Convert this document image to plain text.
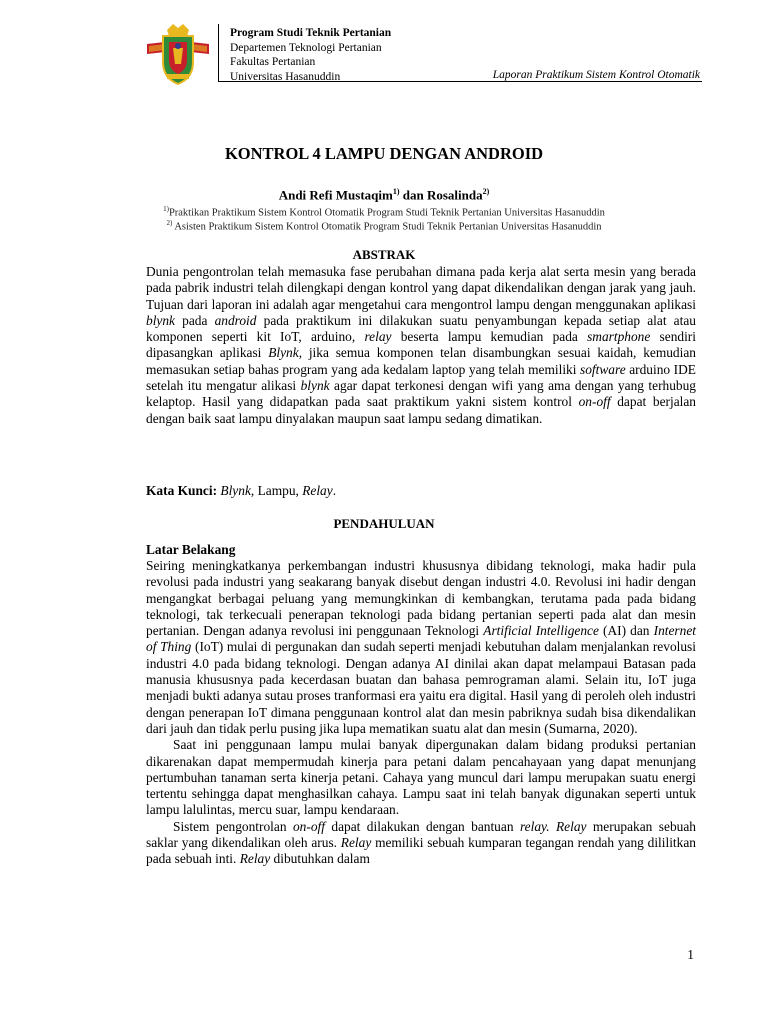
Program Studi Teknik Pertanian
Departemen Teknologi Pertanian
Fakultas Pertanian
Universitas Hasanuddin	Laporan Praktikum Sistem Kontrol Otomatik
KONTROL 4 LAMPU DENGAN ANDROID
Andi Refi Mustaqim$^{1)}$ dan Rosalinda$^{2)}$
$^{1)}$Praktikan Praktikum Sistem Kontrol Otomatik Program Studi Teknik Pertanian Universitas Hasanuddin
$^{2)}$ Asisten Praktikum Sistem Kontrol Otomatik Program Studi Teknik Pertanian Universitas Hasanuddin
ABSTRAK
Dunia pengontrolan telah memasuka fase perubahan dimana pada kerja alat serta mesin yang berada pada pabrik industri telah dilengkapi dengan kontrol yang dapat dikendalikan dengan jarak yang jauh. Tujuan dari laporan ini adalah agar mengetahui cara mengontrol lampu dengan menggunakan aplikasi blynk pada android pada praktikum ini dilakukan suatu penyambungan kepada setiap alat atau komponen seperti kit IoT, arduino, relay beserta lampu kemudian pada smartphone sendiri dipasangkan aplikasi Blynk, jika semua komponen telan disambungkan sesuai kaidah, kemudian memasukan setiap bahas program yang ada kedalam laptop yang telah memiliki software arduino IDE setelah itu mengatur alikasi blynk agar dapat terkonesi dengan wifi yang ama dengan yang terhubug kelaptop. Hasil yang didapatkan pada saat praktikum yakni sistem kontrol on-off dapat berjalan dengan baik saat lampu dinyalakan maupun saat lampu sedang dimatikan.
Kata Kunci: Blynk, Lampu, Relay.
PENDAHULUAN
Latar Belakang

Seiring meningkatkanya perkembangan industri khususnya dibidang teknologi, maka hadir pula revolusi pada industri yang seakarang banyak disebut dengan industri 4.0. Revolusi ini hadir dengan mengangkat berbagai peluang yang memungkinkan di kembangkan, terutama pada pada bidang teknologi, tak terkecuali penerapan teknologi pada bidang pertanian seperti pada alat dan mesin pertanian. Dengan adanya revolusi ini penggunaan Teknologi Artificial Intelligence (AI) dan Internet of Thing (IoT) mulai di pergunakan dan sudah seperti menjadi kebutuhan dalam menjalankan revolusi industri 4.0 pada bidang teknologi. Dengan adanya AI dinilai akan dapat melampaui Batasan pada manusia khususnya pada kecerdasan buatan dan bahasa pemrograman alami. Selain itu, IoT juga menjadi bukti adanya sutau proses tranformasi era yaitu era digital. Hasil yang di peroleh oleh industri dengan penerapan IoT dimana penggunaan kontrol alat dan mesin pabriknya sudah bisa dikendalikan dari jauh dan tidak perlu pusing jika lupa mematikan suatu alat dan mesin (Sumarna, 2020).

Saat ini penggunaan lampu mulai banyak dipergunakan dalam bidang produksi pertanian dikarenakan dapat mempermudah kinerja para petani dalam pencahayaan yang dapat menunjang pertumbuhan tanaman serta kinerja petani. Cahaya yang muncul dari lampu merupakan suatu energi tertentu sehingga dapat menghasilkan cahaya. Lampu saat ini telah banyak digunakan seperti untuk lampu lalulintas, mercu suar, lampu kendaraan.

Sistem pengontrolan on-off dapat dilakukan dengan bantuan relay. Relay merupakan sebuah saklar yang dikendalikan oleh arus. Relay memiliki sebuah kumparan tegangan rendah yang dililitkan pada sebuah inti. Relay dibutuhkan dalam

1
